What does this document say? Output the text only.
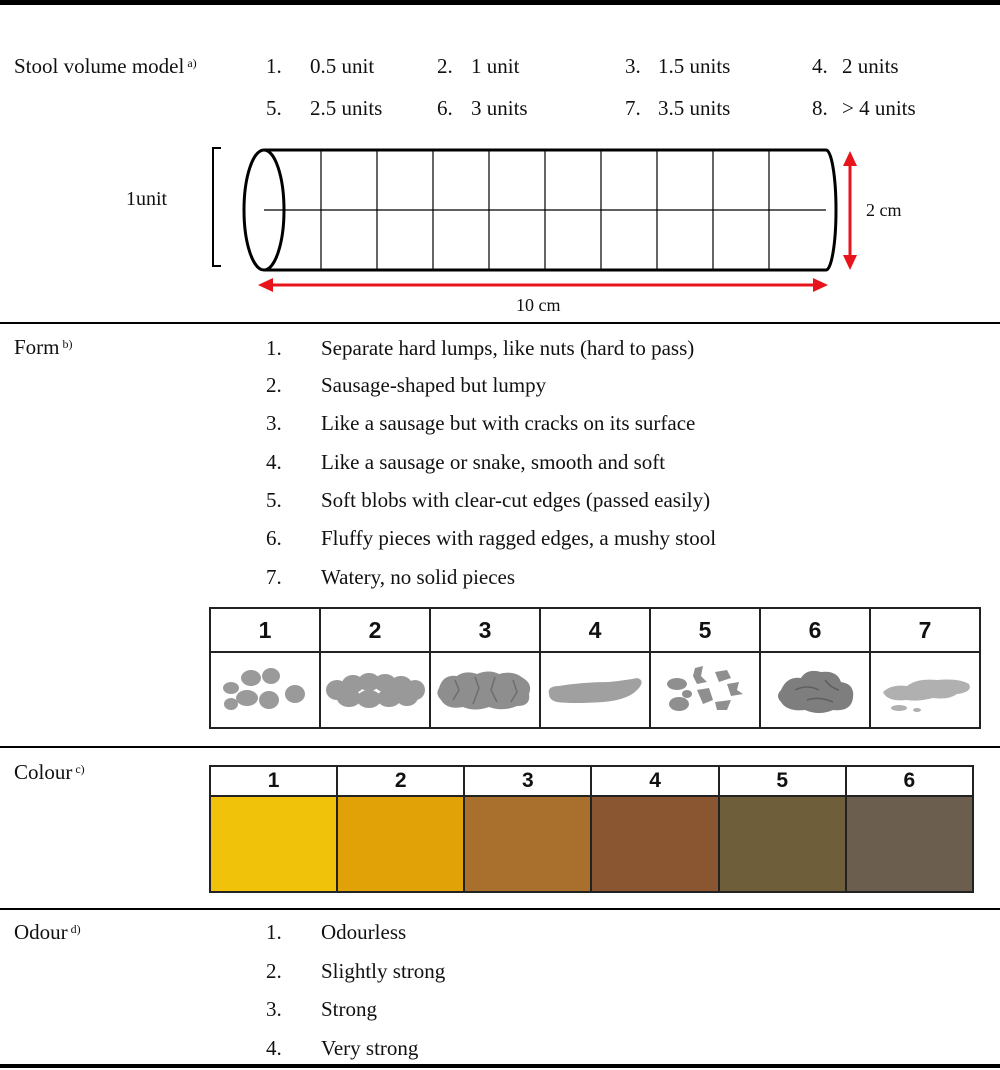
Stool volume model $^{a)}$	1. 0.5 unit	2. 1 unit	3. 1.5 units	4. 2 units
5. 2.5 units	6. 3 units	7. 3.5 units	8. > 4 units
1unit	2 cm
10 cm
Form $^{b)}$	1. Separate hard lumps, like nuts (hard to pass)
2. Sausage-shaped but lumpy
3. Like a sausage but with cracks on its surface
4. Like a sausage or snake, smooth and soft
5. Soft blobs with clear-cut edges (passed easily)
6. Fluffy pieces with ragged edges, a mushy stool
7. Watery, no solid pieces
1	2	3	4	5	6	7

Colour $^{c)}$	1	2	3	4	5	6

Odour $^{d)}$	1. Odourless
2. Slightly strong
3. Strong
4. Very strong
